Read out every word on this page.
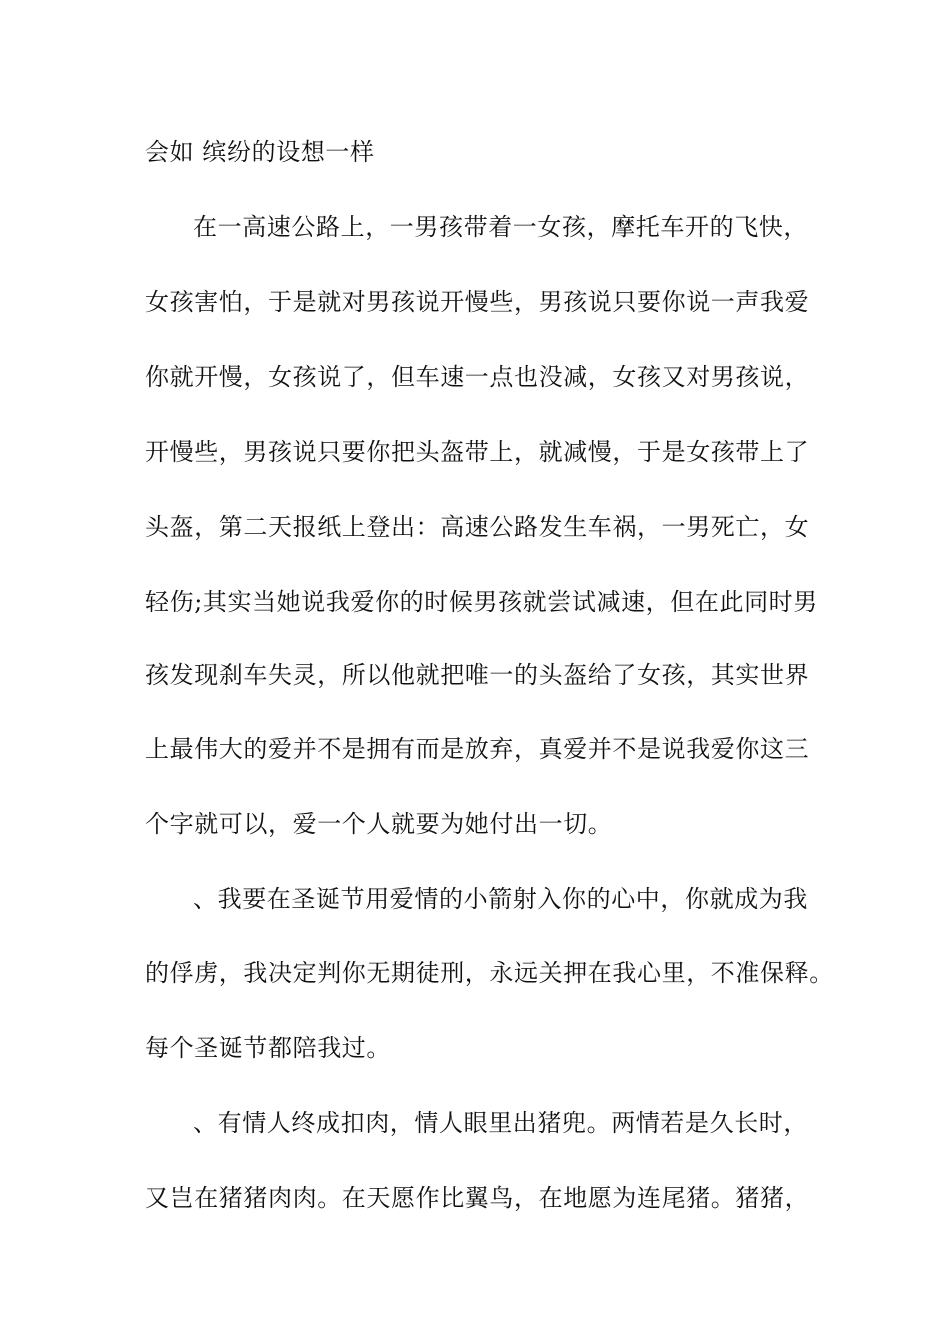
会如 缤纷的设想一样
在一高速公路上，一男孩带着一女孩，摩托车开的飞快，
女孩害怕，于是就对男孩说开慢些，男孩说只要你说一声我爱
你就开慢，女孩说了，但车速一点也没减，女孩又对男孩说，
开慢些，男孩说只要你把头盔带上，就减慢，于是女孩带上了
头盔，第二天报纸上登出：高速公路发生车祸，一男死亡，女
轻伤;其实当她说我爱你的时候男孩就尝试减速，但在此同时男
孩发现刹车失灵，所以他就把唯一的头盔给了女孩，其实世界
上最伟大的爱并不是拥有而是放弃，真爱并不是说我爱你这三
个字就可以，爱一个人就要为她付出一切。
、我要在圣诞节用爱情的小箭射入你的心中，你就成为我
的俘虏，我决定判你无期徒刑，永远关押在我心里，不准保释。
每个圣诞节都陪我过。
、有情人终成扣肉，情人眼里出猪兜。两情若是久长时，
又岂在猪猪肉肉。在天愿作比翼鸟，在地愿为连尾猪。猪猪，
